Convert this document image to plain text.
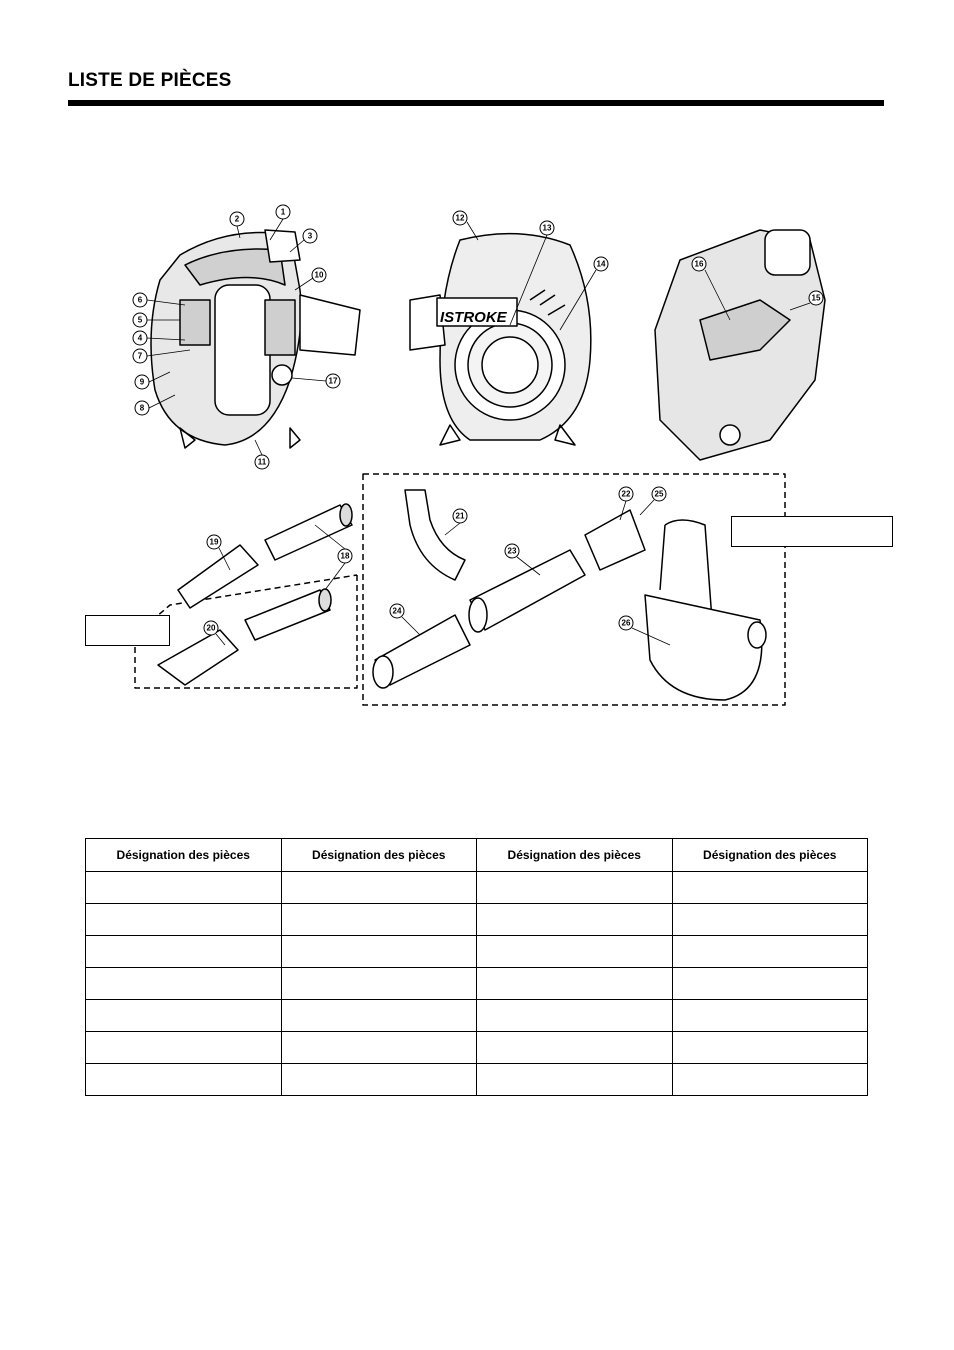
LISTE DE PIÈCES
1
2
3
4
5
6
7
8
9
10
11
12
13
14
15
16
17
18
19
20
21
22
23
24
25
26
ISTROKE
Désignation des pièces	Désignation des pièces	Désignation des pièces	Désignation des pièces
